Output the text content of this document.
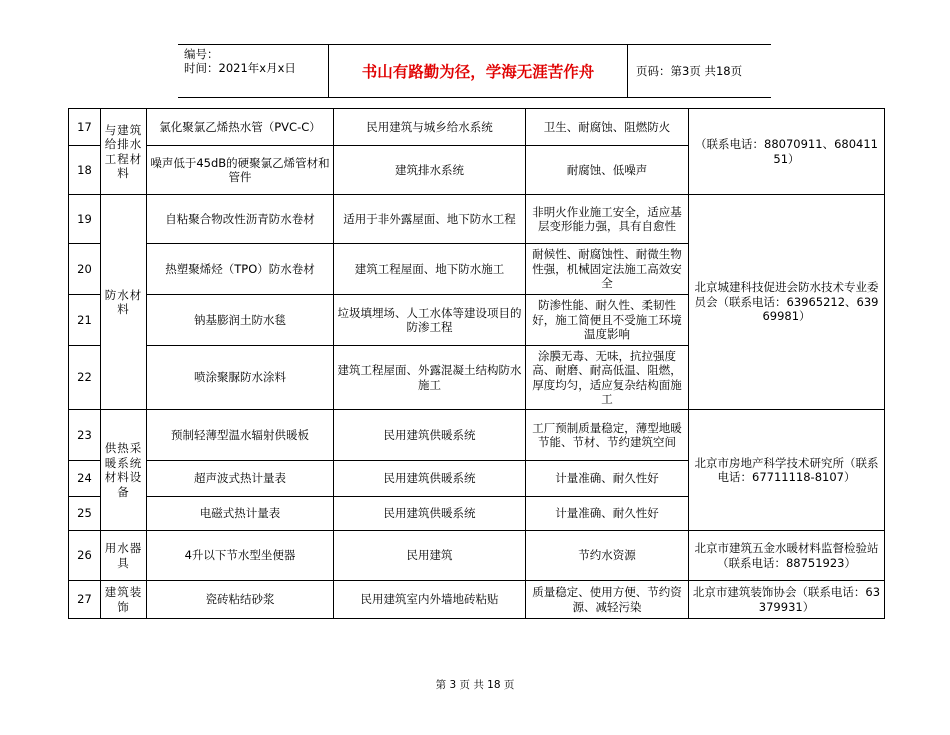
编号：
时间：2021年x月x日	书山有路勤为径，学海无涯苦作舟	页码：第3页 共18页
17	与建筑给排水工程材料	氯化聚氯乙烯热水管（PVC-C）	民用建筑与城乡给水系统	卫生、耐腐蚀、阻燃防火	（联系电话：88070911、68041151）
18		噪声低于45dB的硬聚氯乙烯管材和管件	建筑排水系统	耐腐蚀、低噪声	
19	防水材料	自粘聚合物改性沥青防水卷材	适用于非外露屋面、地下防水工程	非明火作业施工安全，适应基层变形能力强，具有自愈性	北京城建科技促进会防水技术专业委员会（联系电话：63965212、63969981）
20		热塑聚烯烃（TPO）防水卷材	建筑工程屋面、地下防水施工	耐候性、耐腐蚀性、耐微生物性强，机械固定法施工高效安全	
21		钠基膨润土防水毯	垃圾填埋场、人工水体等建设项目的防渗工程	防渗性能、耐久性、柔韧性好，施工简便且不受施工环境温度影响	
22		喷涂聚脲防水涂料	建筑工程屋面、外露混凝土结构防水施工	涂膜无毒、无味，抗拉强度高、耐磨、耐高低温、阻燃，厚度均匀，适应复杂结构面施工	
23	供热采暖系统材料设备	预制轻薄型温水辐射供暖板	民用建筑供暖系统	工厂预制质量稳定，薄型地暖节能、节材、节约建筑空间	北京市房地产科学技术研究所（联系电话：67711118-8107）
24		超声波式热计量表	民用建筑供暖系统	计量准确、耐久性好	
25		电磁式热计量表	民用建筑供暖系统	计量准确、耐久性好	
26	用水器具	4升以下节水型坐便器	民用建筑	节约水资源	北京市建筑五金水暖材料监督检验站（联系电话：88751923）
27	建筑装饰	瓷砖粘结砂浆	民用建筑室内外墙地砖粘贴	质量稳定、使用方便、节约资源、减轻污染	北京市建筑装饰协会（联系电话：63379931）
第 3 页 共 18 页
